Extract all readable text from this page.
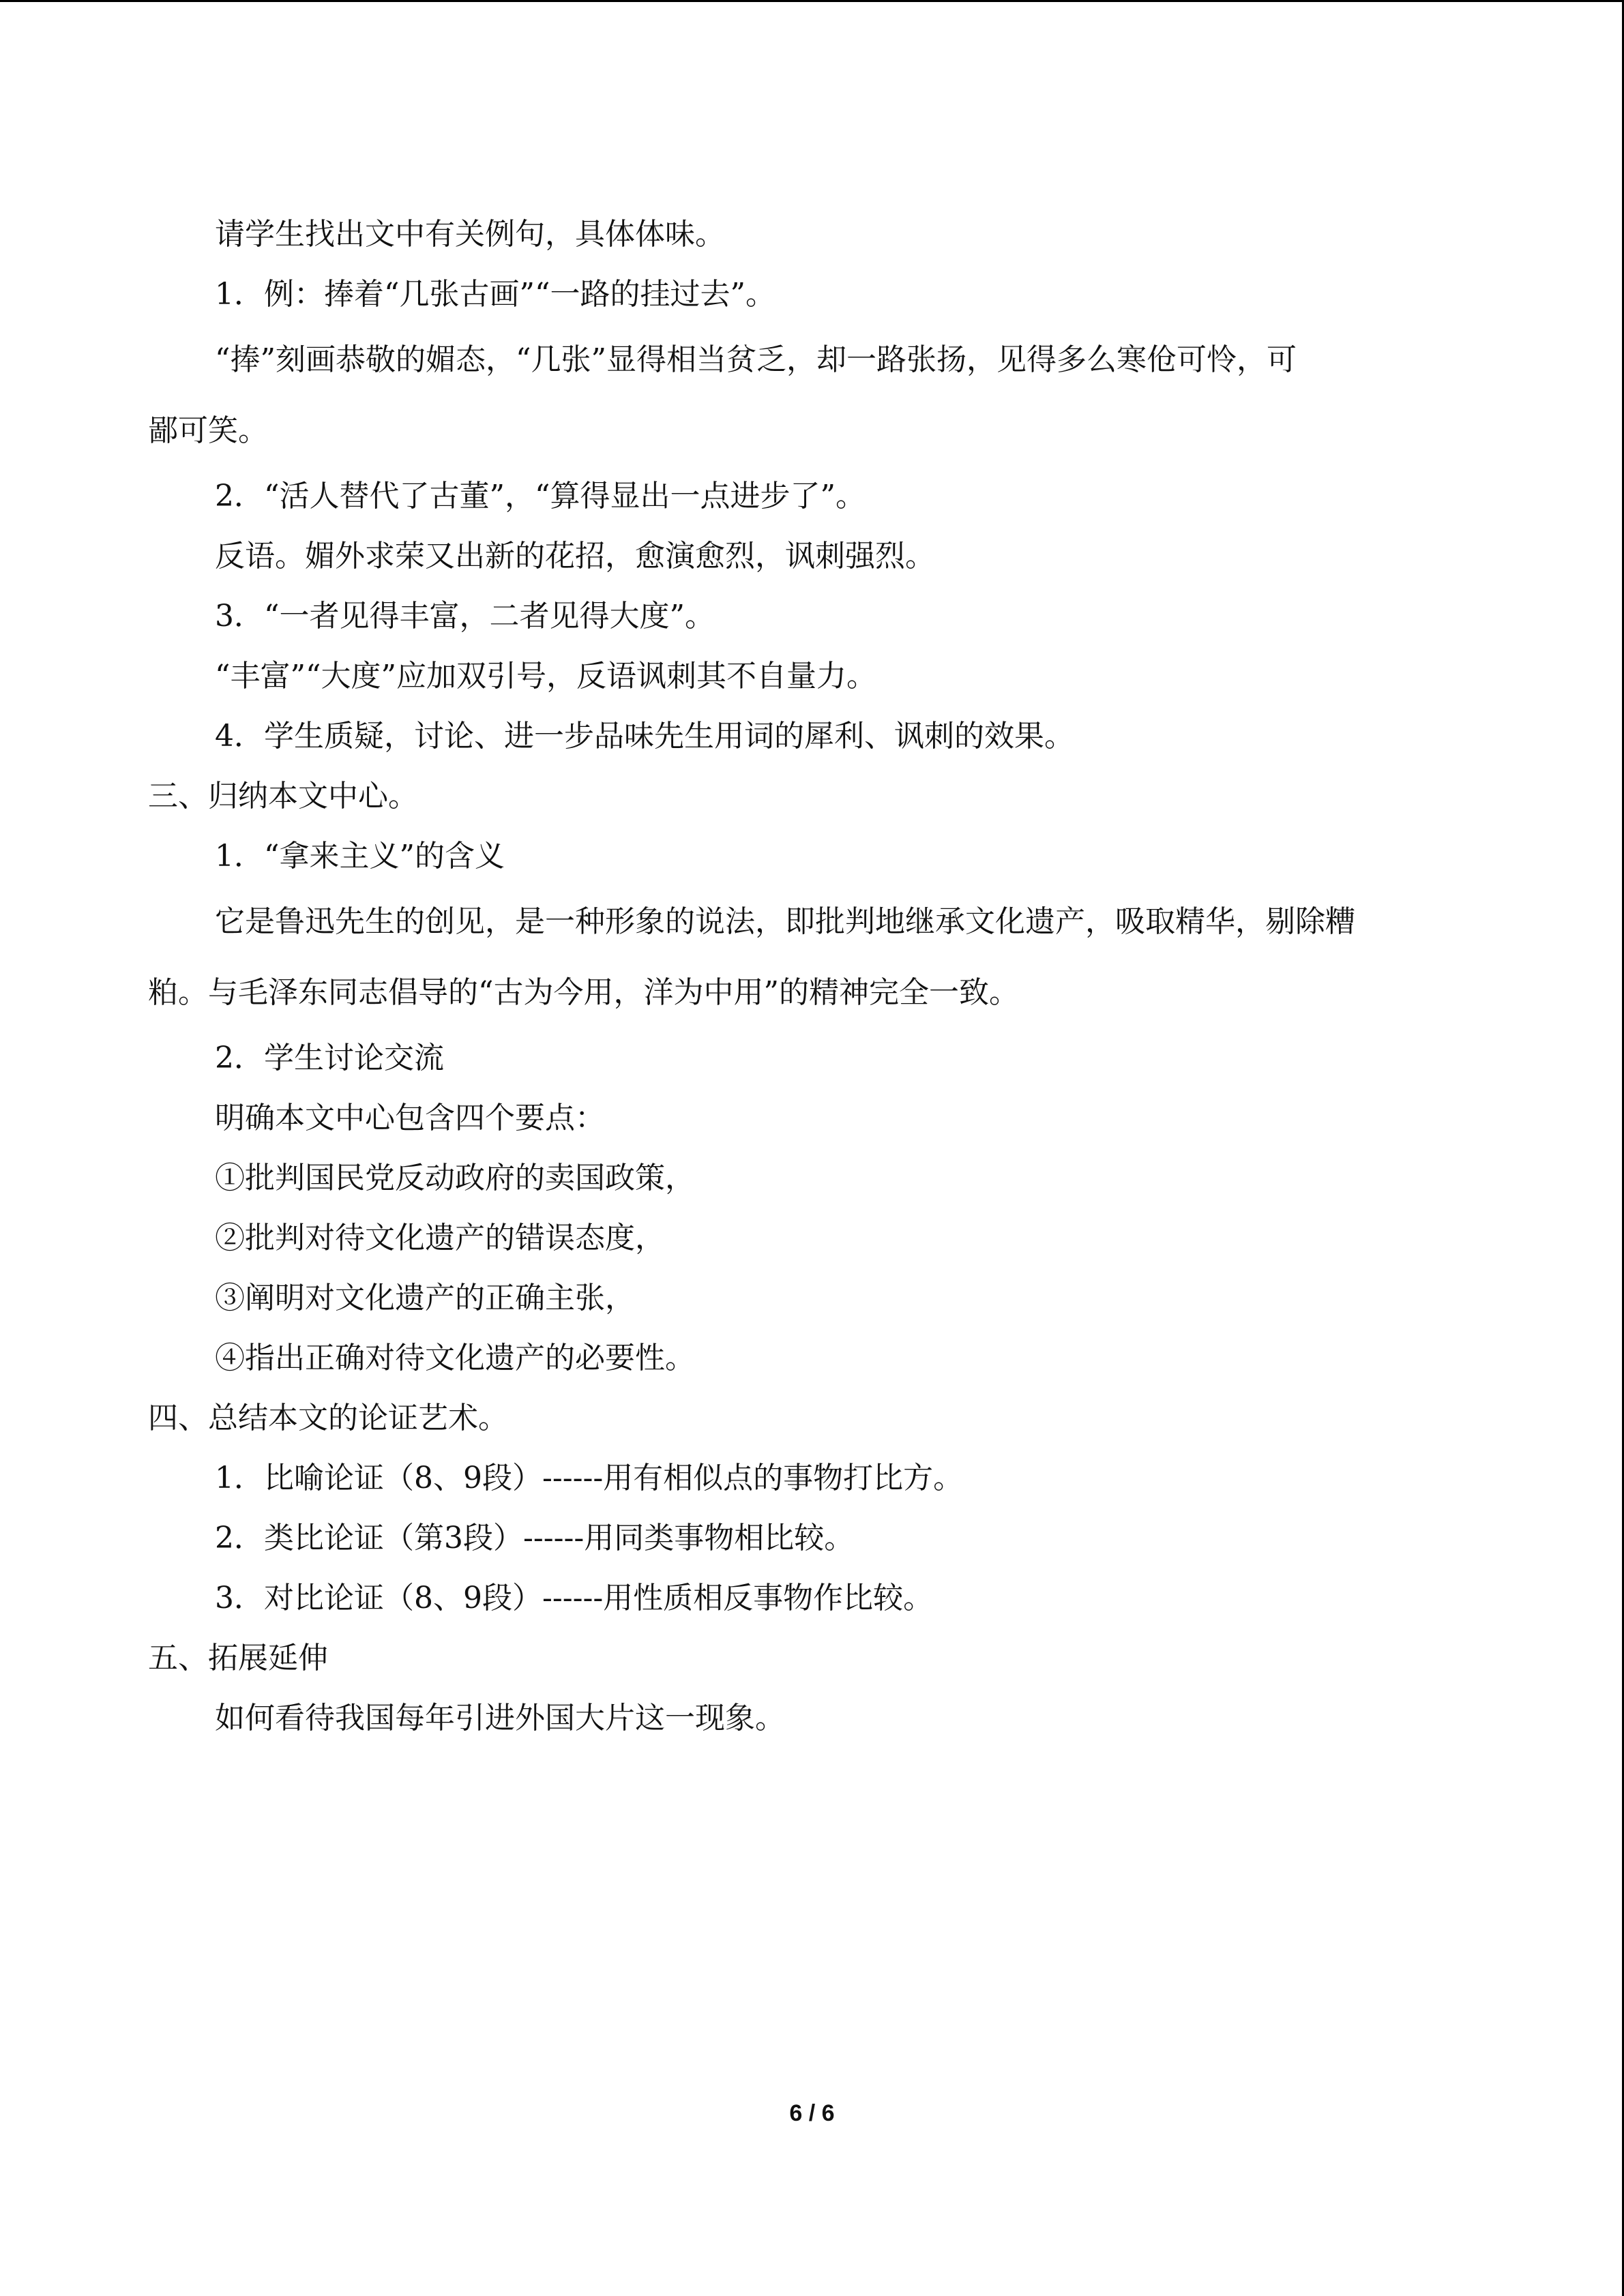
请学生找出文中有关例句，具体体味。

1．例：捧着“几张古画”“一路的挂过去”。

“捧”刻画恭敬的媚态，“几张”显得相当贫乏，却一路张扬，见得多么寒伧可怜，可

鄙可笑。

2．“活人替代了古董”，“算得显出一点进步了”。

反语。媚外求荣又出新的花招，愈演愈烈，讽刺强烈。

3．“一者见得丰富，二者见得大度”。

“丰富”“大度”应加双引号，反语讽刺其不自量力。

4．学生质疑，讨论、进一步品味先生用词的犀利、讽刺的效果。

三、归纳本文中心。

1．“拿来主义”的含义

它是鲁迅先生的创见，是一种形象的说法，即批判地继承文化遗产，吸取精华，剔除糟

粕。与毛泽东同志倡导的“古为今用，洋为中用”的精神完全一致。

2．学生讨论交流

明确本文中心包含四个要点：

①批判国民党反动政府的卖国政策，

②批判对待文化遗产的错误态度，

③阐明对文化遗产的正确主张，

④指出正确对待文化遗产的必要性。

四、总结本文的论证艺术。

1．比喻论证（8、9段）------用有相似点的事物打比方。

2．类比论证（第3段）------用同类事物相比较。

3．对比论证（8、9段）------用性质相反事物作比较。

五、拓展延伸

如何看待我国每年引进外国大片这一现象。

6 / 6
